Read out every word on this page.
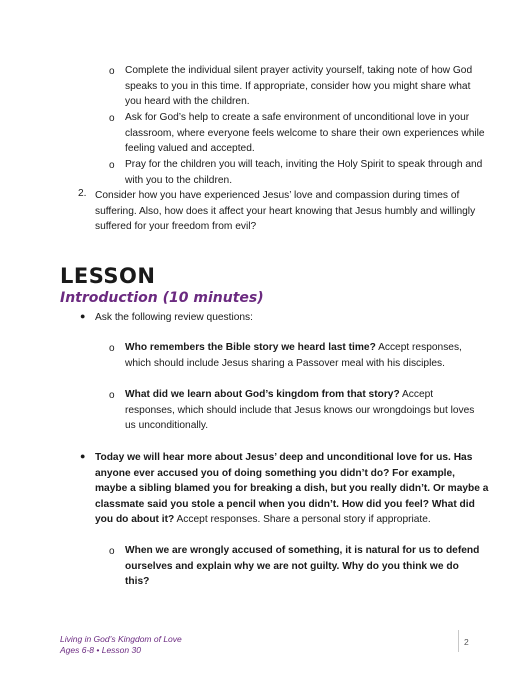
o Complete the individual silent prayer activity yourself, taking note of how God speaks to you in this time. If appropriate, consider how you might share what you heard with the children.
o Ask for God’s help to create a safe environment of unconditional love in your classroom, where everyone feels welcome to share their own experiences while feeling valued and accepted.
o Pray for the children you will teach, inviting the Holy Spirit to speak through and with you to the children.
2. Consider how you have experienced Jesus’ love and compassion during times of suffering. Also, how does it affect your heart knowing that Jesus humbly and willingly suffered for your freedom from evil?
LESSON
Introduction (10 minutes)
● Ask the following review questions:
o Who remembers the Bible story we heard last time? Accept responses, which should include Jesus sharing a Passover meal with his disciples.
o What did we learn about God’s kingdom from that story? Accept responses, which should include that Jesus knows our wrongdoings but loves us unconditionally.
● Today we will hear more about Jesus’ deep and unconditional love for us. Has anyone ever accused you of doing something you didn’t do? For example, maybe a sibling blamed you for breaking a dish, but you really didn’t. Or maybe a classmate said you stole a pencil when you didn’t. How did you feel? What did you do about it? Accept responses. Share a personal story if appropriate.
o When we are wrongly accused of something, it is natural for us to defend ourselves and explain why we are not guilty. Why do you think we do this?
Living in God’s Kingdom of Love
Ages 6-8 • Lesson 30
2
